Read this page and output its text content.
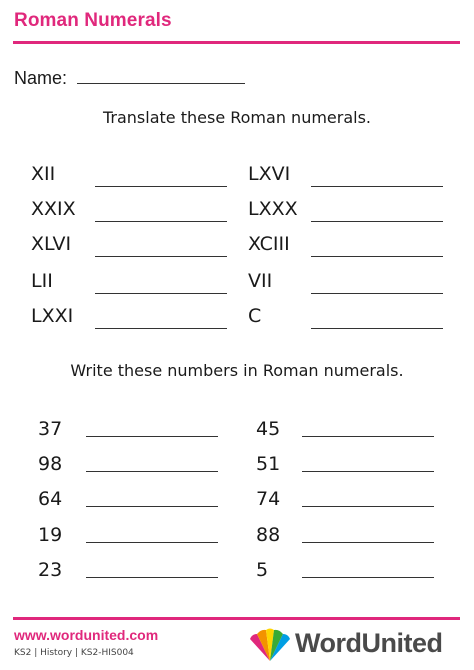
Roman Numerals
Name:
Translate these Roman numerals.
XII	LXVI
XXIX	LXXX
XLVI	XCIII
LII	VII
LXXI	C
Write these numbers in Roman numerals.
37	45
98	51
64	74
19	88
23	5
www.wordunited.com
KS2 | History | KS2-HIS004	WordUnited
